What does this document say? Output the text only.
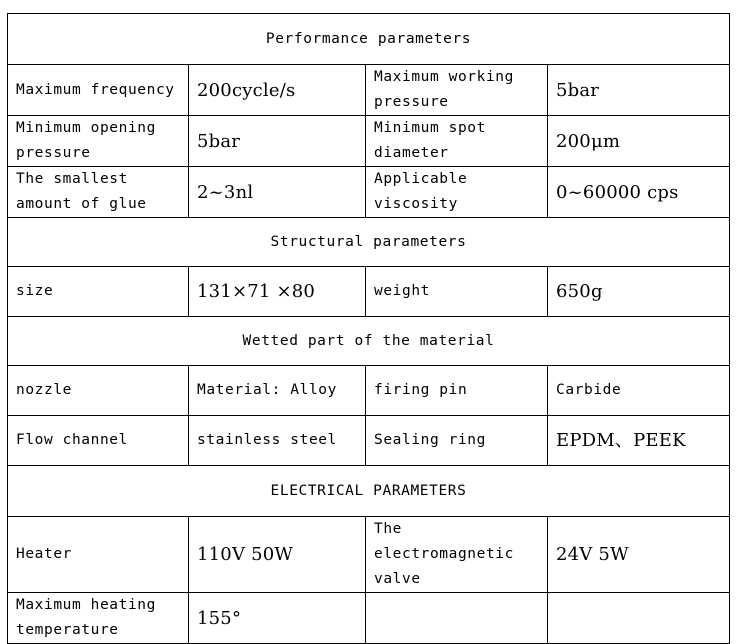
Performance parameters			
Maximum frequency	200cycle/s	Maximum working pressure	5bar
Minimum opening pressure	5bar	Minimum spot diameter	200μm
The smallest amount of glue	2~3nl	Applicable viscosity	0~60000 cps
Structural parameters			
size	131×71 ×80	weight	650g
Wetted part of the material			
nozzle	Material: Alloy	firing pin	Carbide
Flow channel	stainless steel	Sealing ring	EPDM、PEEK
ELECTRICAL PARAMETERS			
Heater	110V 50W	The electromagnetic valve	24V 5W
Maximum heating temperature	155°		
